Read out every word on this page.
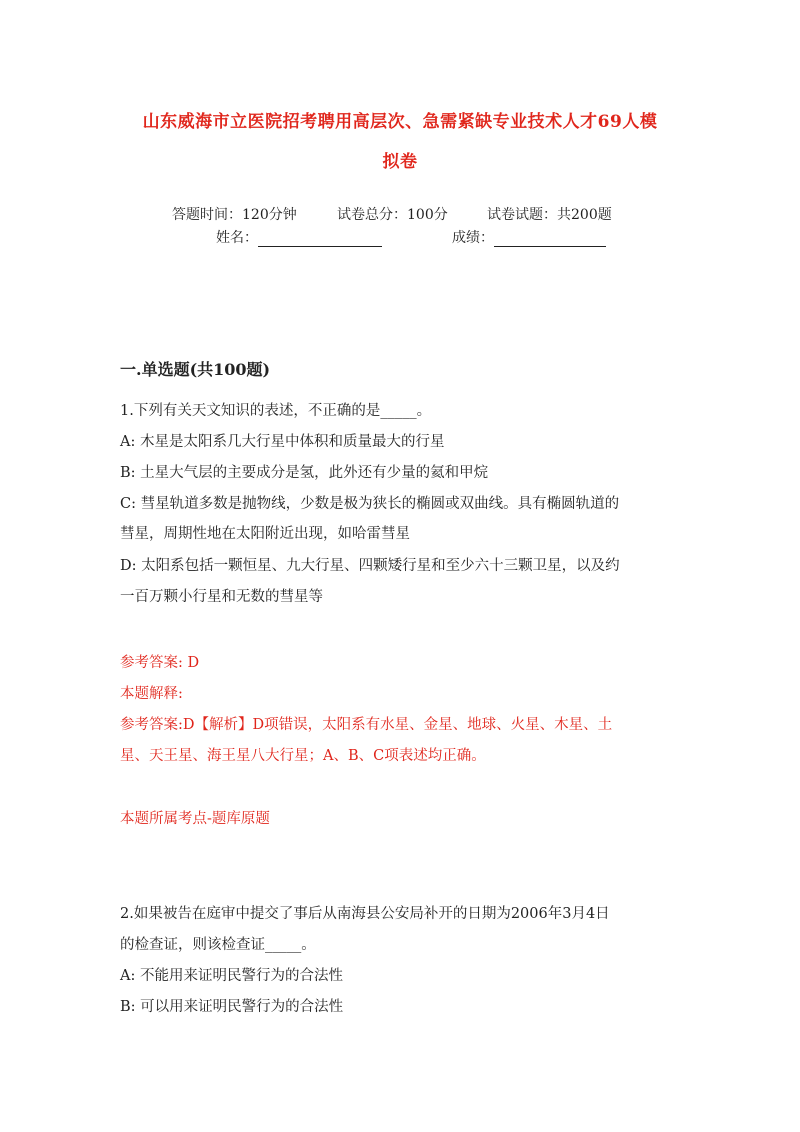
山东威海市立医院招考聘用高层次、急需紧缺专业技术人才69人模
拟卷
答题时间：120分钟	试卷总分：100分	试卷试题：共200题
姓名：	成绩：
一.单选题(共100题)
1.下列有关天文知识的表述，不正确的是_____。
A: 木星是太阳系几大行星中体积和质量最大的行星
B: 土星大气层的主要成分是氢，此外还有少量的氦和甲烷
C: 彗星轨道多数是抛物线，少数是极为狭长的椭圆或双曲线。具有椭圆轨道的
彗星，周期性地在太阳附近出现，如哈雷彗星
D: 太阳系包括一颗恒星、九大行星、四颗矮行星和至少六十三颗卫星，以及约
一百万颗小行星和无数的彗星等
参考答案: D
本题解释:
参考答案:D【解析】D项错误，太阳系有水星、金星、地球、火星、木星、土
星、天王星、海王星八大行星；A、B、C项表述均正确。
本题所属考点-题库原题
2.如果被告在庭审中提交了事后从南海县公安局补开的日期为2006年3月4日
的检查证，则该检查证_____。
A: 不能用来证明民警行为的合法性
B: 可以用来证明民警行为的合法性
